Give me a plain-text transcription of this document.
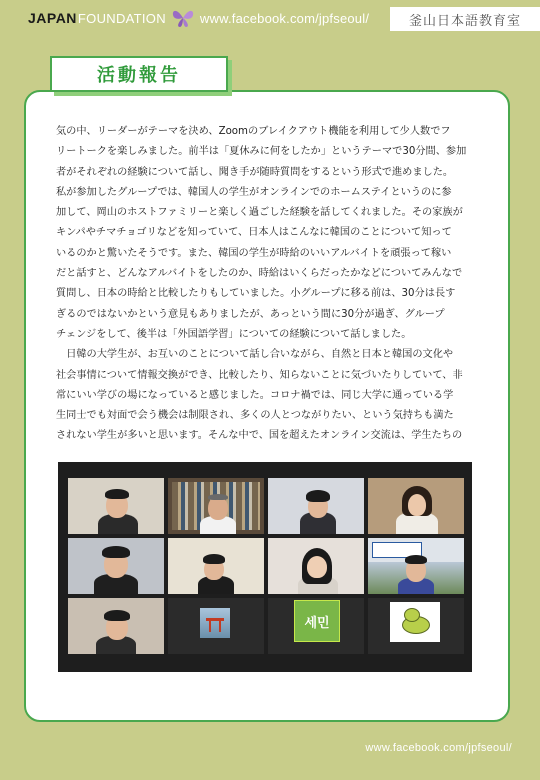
JAPAN FOUNDATION	www.facebook.com/jpfseoul/	釜山日本語教育室
活動報告

気の中、リーダーがテーマを決め、Zoomのブレイクアウト機能を利用して少人数でフ

リートークを楽しみました。前半は「夏休みに何をしたか」というテーマで30分間、参加

者がそれぞれの経験について話し、聞き手が随時質問をするという形式で進めました。

私が参加したグループでは、韓国人の学生がオンラインでのホームステイというのに参

加して、岡山のホストファミリーと楽しく過ごした経験を話してくれました。その家族が

キンパやチマチョゴリなどを知っていて、日本人はこんなに韓国のことについて知って

いるのかと驚いたそうです。また、韓国の学生が時給のいいアルバイトを頑張って稼い

だと話すと、どんなアルバイトをしたのか、時給はいくらだったかなどについてみんなで

質問し、日本の時給と比較したりもしていました。小グループに移る前は、30分は長す

ぎるのではないかという意見もありましたが、あっという間に30分が過ぎ、グループ

チェンジをして、後半は「外国語学習」についての経験について話しました。

日韓の大学生が、お互いのことについて話し合いながら、自然と日本と韓国の文化や

社会事情について情報交換ができ、比較したり、知らないことに気づいたりしていて、非

常にいい学びの場になっていると感じました。コロナ禍では、同じ大学に通っている学

生同士でも対面で会う機会は制限され、多くの人とつながりたい、という気持ちも満た

されない学生が多いと思います。そんな中で、国を超えたオンライン交流は、学生たちの

세민
www.facebook.com/jpfseoul/
